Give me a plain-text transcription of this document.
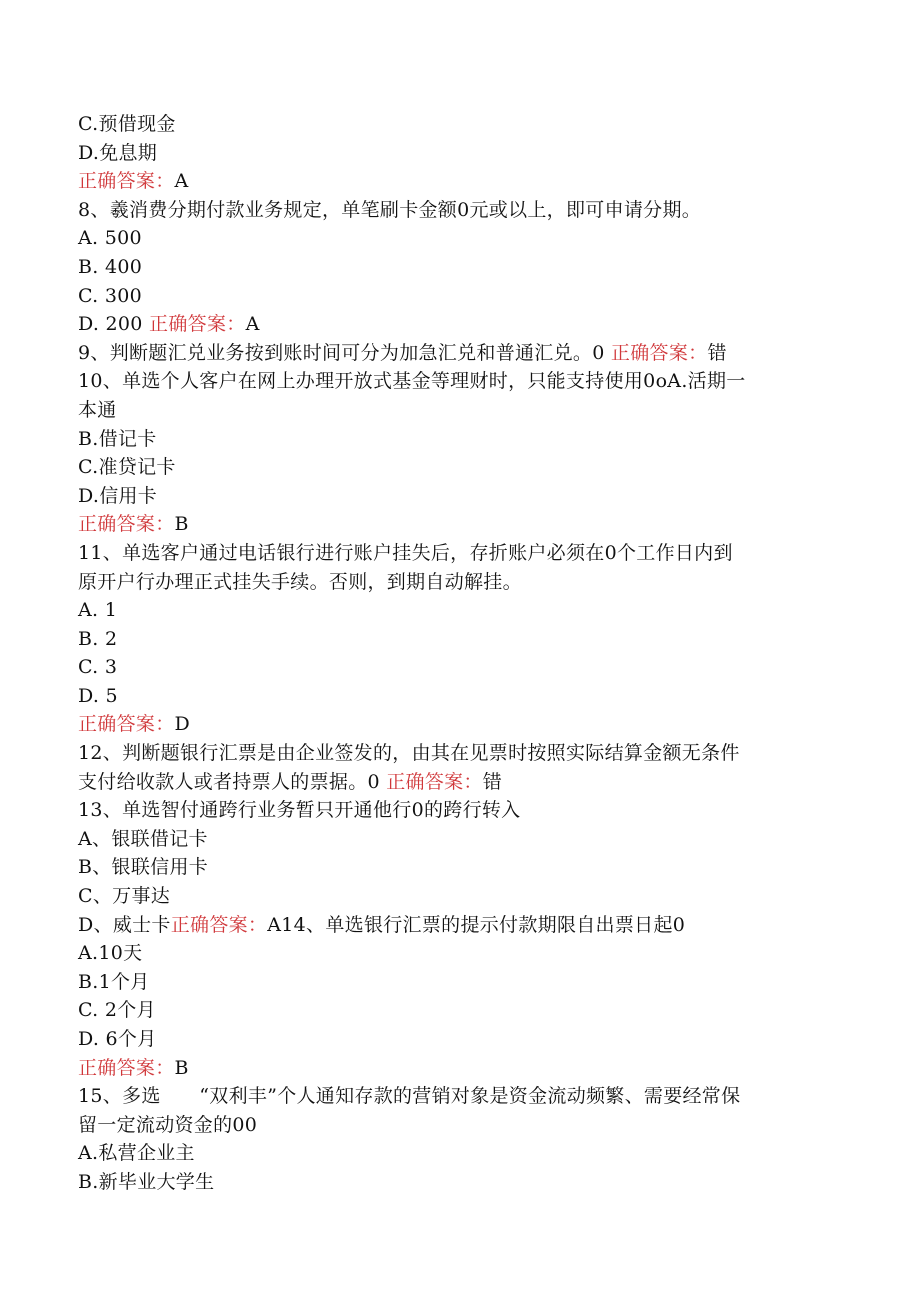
C.预借现金
D.免息期
正确答案：A
8、羲消费分期付款业务规定，单笔刷卡金额0元或以上，即可申请分期。
A. 500
B. 400
C. 300
D. 200 正确答案：A
9、判断题汇兑业务按到账时间可分为加急汇兑和普通汇兑。0 正确答案：错
10、单选个人客户在网上办理开放式基金等理财时，只能支持使用0oA.活期一
本通
B.借记卡
C.准贷记卡
D.信用卡
正确答案：B
11、单选客户通过电话银行进行账户挂失后，存折账户必须在0个工作日内到
原开户行办理正式挂失手续。否则，到期自动解挂。
A. 1
B. 2
C. 3
D. 5
正确答案：D
12、判断题银行汇票是由企业签发的，由其在见票时按照实际结算金额无条件
支付给收款人或者持票人的票据。0 正确答案：错
13、单选智付通跨行业务暂只开通他行0的跨行转入
A、银联借记卡
B、银联信用卡
C、万事达
D、威士卡正确答案：A14、单选银行汇票的提示付款期限自出票日起0
A.10天
B.1个月
C. 2个月
D. 6个月
正确答案：B
15、多选　　“双利丰”个人通知存款的营销对象是资金流动频繁、需要经常保
留一定流动资金的00
A.私营企业主
B.新毕业大学生
